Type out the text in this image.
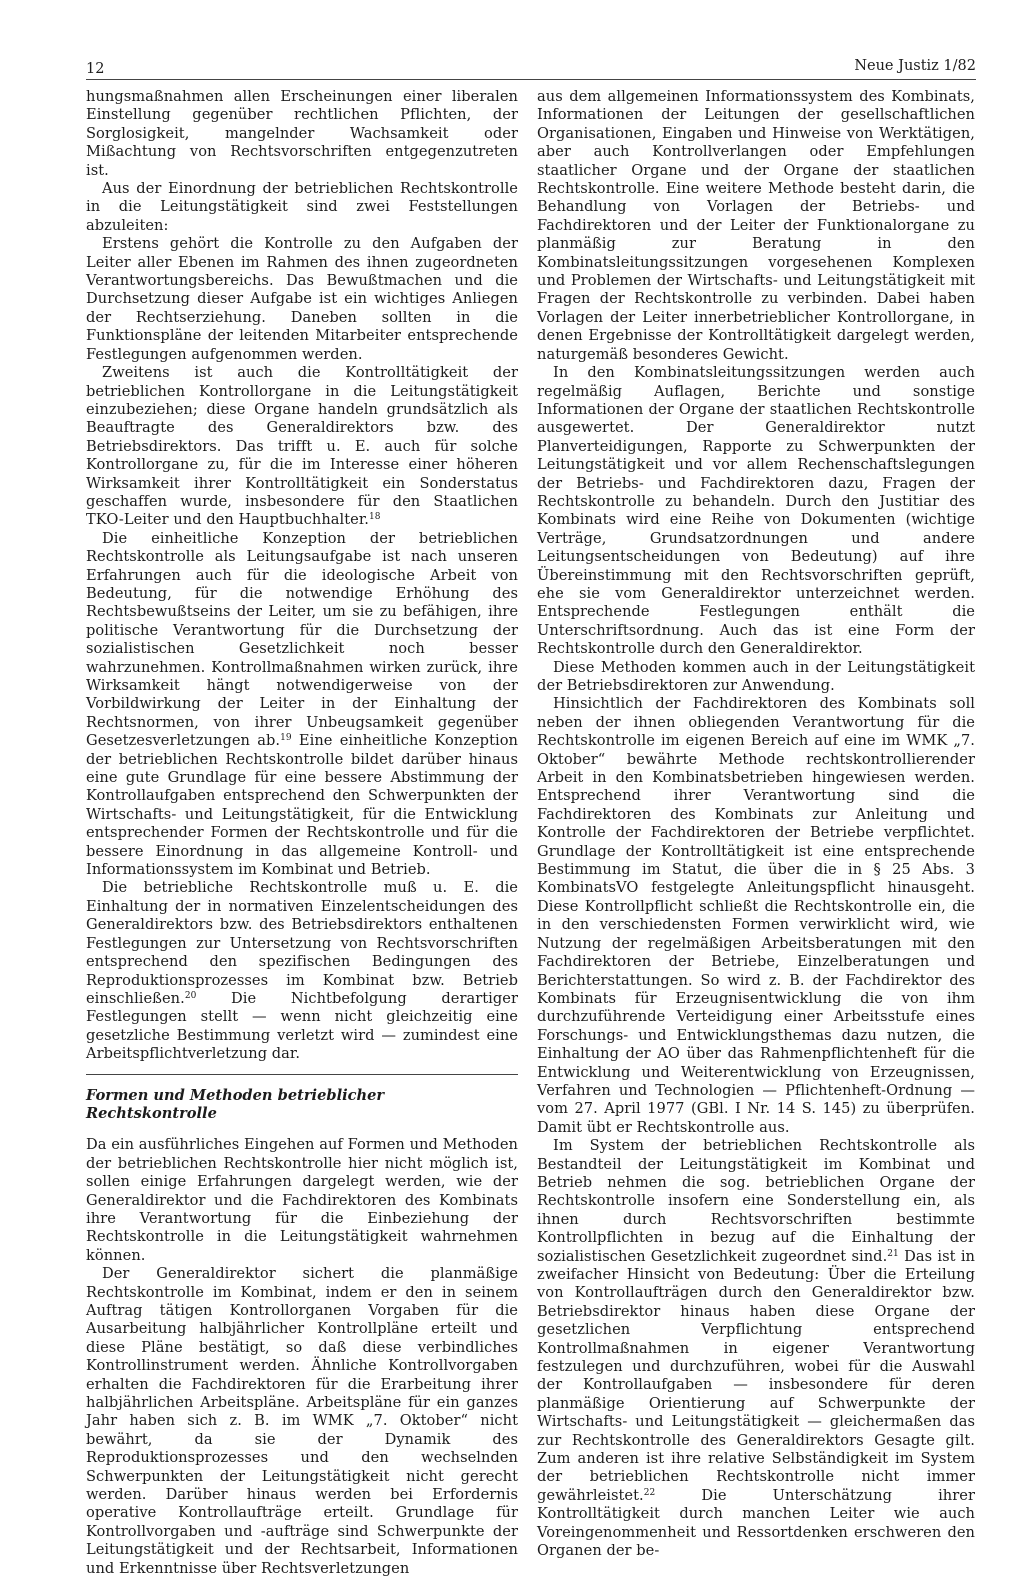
12	Neue Justiz 1/82

hungsmaßnahmen allen Erscheinungen einer liberalen Einstellung gegenüber rechtlichen Pflichten, der Sorglosigkeit, mangelnder Wachsamkeit oder Mißachtung von Rechtsvorschriften entgegenzutreten ist.

Aus der Einordnung der betrieblichen Rechtskontrolle in die Leitungstätigkeit sind zwei Feststellungen abzuleiten:

Erstens gehört die Kontrolle zu den Aufgaben der Leiter aller Ebenen im Rahmen des ihnen zugeordneten Verantwortungsbereichs. Das Bewußtmachen und die Durchsetzung dieser Aufgabe ist ein wichtiges Anliegen der Rechtserziehung. Daneben sollten in die Funktionspläne der leitenden Mitarbeiter entsprechende Festlegungen aufgenommen werden.

Zweitens ist auch die Kontrolltätigkeit der betrieblichen Kontrollorgane in die Leitungstätigkeit einzubeziehen; diese Organe handeln grundsätzlich als Beauftragte des Generaldirektors bzw. des Betriebsdirektors. Das trifft u. E. auch für solche Kontrollorgane zu, für die im Interesse einer höheren Wirksamkeit ihrer Kontrolltätigkeit ein Sonderstatus geschaffen wurde, insbesondere für den Staatlichen TKO-Leiter und den Hauptbuchhalter.$^{18}$

Die einheitliche Konzeption der betrieblichen Rechtskontrolle als Leitungsaufgabe ist nach unseren Erfahrungen auch für die ideologische Arbeit von Bedeutung, für die notwendige Erhöhung des Rechtsbewußtseins der Leiter, um sie zu befähigen, ihre politische Verantwortung für die Durchsetzung der sozialistischen Gesetzlichkeit noch besser wahrzunehmen. Kontrollmaßnahmen wirken zurück, ihre Wirksamkeit hängt notwendigerweise von der Vorbildwirkung der Leiter in der Einhaltung der Rechtsnormen, von ihrer Unbeugsamkeit gegenüber Gesetzesverletzungen ab.$^{19}$ Eine einheitliche Konzeption der betrieblichen Rechtskontrolle bildet darüber hinaus eine gute Grundlage für eine bessere Abstimmung der Kontrollaufgaben entsprechend den Schwerpunkten der Wirtschafts- und Leitungstätigkeit, für die Entwicklung entsprechender Formen der Rechtskontrolle und für die bessere Einordnung in das allgemeine Kontroll- und Informationssystem im Kombinat und Betrieb.

Die betriebliche Rechtskontrolle muß u. E. die Einhaltung der in normativen Einzelentscheidungen des Generaldirektors bzw. des Betriebsdirektors enthaltenen Festlegungen zur Untersetzung von Rechtsvorschriften entsprechend den spezifischen Bedingungen des Reproduktionsprozesses im Kombinat bzw. Betrieb einschließen.$^{20}$ Die Nichtbefolgung derartiger Festlegungen stellt — wenn nicht gleichzeitig eine gesetzliche Bestimmung verletzt wird — zumindest eine Arbeitspflichtverletzung dar.

Formen und Methoden betrieblicher Rechtskontrolle

Da ein ausführliches Eingehen auf Formen und Methoden der betrieblichen Rechtskontrolle hier nicht möglich ist, sollen einige Erfahrungen dargelegt werden, wie der Generaldirektor und die Fachdirektoren des Kombinats ihre Verantwortung für die Einbeziehung der Rechtskontrolle in die Leitungstätigkeit wahrnehmen können.

Der Generaldirektor sichert die planmäßige Rechtskontrolle im Kombinat, indem er den in seinem Auftrag tätigen Kontrollorganen Vorgaben für die Ausarbeitung halbjährlicher Kontrollpläne erteilt und diese Pläne bestätigt, so daß diese verbindliches Kontrollinstrument werden. Ähnliche Kontrollvorgaben erhalten die Fachdirektoren für die Erarbeitung ihrer halbjährlichen Arbeitspläne. Arbeitspläne für ein ganzes Jahr haben sich z. B. im WMK „7. Oktober“ nicht bewährt, da sie der Dynamik des Reproduktionsprozesses und den wechselnden Schwerpunkten der Leitungstätigkeit nicht gerecht werden. Darüber hinaus werden bei Erfordernis operative Kontrollaufträge erteilt. Grundlage für Kontrollvorgaben und -aufträge sind Schwerpunkte der Leitungstätigkeit und der Rechtsarbeit, Informationen und Erkenntnisse über Rechtsverletzungen

aus dem allgemeinen Informationssystem des Kombinats, Informationen der Leitungen der gesellschaftlichen Organisationen, Eingaben und Hinweise von Werktätigen, aber auch Kontrollverlangen oder Empfehlungen staatlicher Organe und der Organe der staatlichen Rechtskontrolle. Eine weitere Methode besteht darin, die Behandlung von Vorlagen der Betriebs- und Fachdirektoren und der Leiter der Funktionalorgane zu planmäßig zur Beratung in den Kombinatsleitungssitzungen vorgesehenen Komplexen und Problemen der Wirtschafts- und Leitungstätigkeit mit Fragen der Rechtskontrolle zu verbinden. Dabei haben Vorlagen der Leiter innerbetrieblicher Kontrollorgane, in denen Ergebnisse der Kontrolltätigkeit dargelegt werden, naturgemäß besonderes Gewicht.

In den Kombinatsleitungssitzungen werden auch regelmäßig Auflagen, Berichte und sonstige Informationen der Organe der staatlichen Rechtskontrolle ausgewertet. Der Generaldirektor nutzt Planverteidigungen, Rapporte zu Schwerpunkten der Leitungstätigkeit und vor allem Rechenschaftslegungen der Betriebs- und Fachdirektoren dazu, Fragen der Rechtskontrolle zu behandeln. Durch den Justitiar des Kombinats wird eine Reihe von Dokumenten (wichtige Verträge, Grundsatzordnungen und andere Leitungsentscheidungen von Bedeutung) auf ihre Übereinstimmung mit den Rechtsvorschriften geprüft, ehe sie vom Generaldirektor unterzeichnet werden. Entsprechende Festlegungen enthält die Unterschriftsordnung. Auch das ist eine Form der Rechtskontrolle durch den Generaldirektor.

Diese Methoden kommen auch in der Leitungstätigkeit der Betriebsdirektoren zur Anwendung.

Hinsichtlich der Fachdirektoren des Kombinats soll neben der ihnen obliegenden Verantwortung für die Rechtskontrolle im eigenen Bereich auf eine im WMK „7. Oktober“ bewährte Methode rechtskontrollierender Arbeit in den Kombinatsbetrieben hingewiesen werden. Entsprechend ihrer Verantwortung sind die Fachdirektoren des Kombinats zur Anleitung und Kontrolle der Fachdirektoren der Betriebe verpflichtet. Grundlage der Kontrolltätigkeit ist eine entsprechende Bestimmung im Statut, die über die in § 25 Abs. 3 KombinatsVO festgelegte Anleitungspflicht hinausgeht. Diese Kontrollpflicht schließt die Rechtskontrolle ein, die in den verschiedensten Formen verwirklicht wird, wie Nutzung der regelmäßigen Arbeitsberatungen mit den Fachdirektoren der Betriebe, Einzelberatungen und Berichterstattungen. So wird z. B. der Fachdirektor des Kombinats für Erzeugnisentwicklung die von ihm durchzuführende Verteidigung einer Arbeitsstufe eines Forschungs- und Entwicklungsthemas dazu nutzen, die Einhaltung der AO über das Rahmenpflichtenheft für die Entwicklung und Weiterentwicklung von Erzeugnissen, Verfahren und Technologien — Pflichtenheft-Ordnung — vom 27. April 1977 (GBl. I Nr. 14 S. 145) zu überprüfen. Damit übt er Rechtskontrolle aus.

Im System der betrieblichen Rechtskontrolle als Bestandteil der Leitungstätigkeit im Kombinat und Betrieb nehmen die sog. betrieblichen Organe der Rechtskontrolle insofern eine Sonderstellung ein, als ihnen durch Rechtsvorschriften bestimmte Kontrollpflichten in bezug auf die Einhaltung der sozialistischen Gesetzlichkeit zugeordnet sind.$^{21}$ Das ist in zweifacher Hinsicht von Bedeutung: Über die Erteilung von Kontrollaufträgen durch den Generaldirektor bzw. Betriebsdirektor hinaus haben diese Organe der gesetzlichen Verpflichtung entsprechend Kontrollmaßnahmen in eigener Verantwortung festzulegen und durchzuführen, wobei für die Auswahl der Kontrollaufgaben — insbesondere für deren planmäßige Orientierung auf Schwerpunkte der Wirtschafts- und Leitungstätigkeit — gleichermaßen das zur Rechtskontrolle des Generaldirektors Gesagte gilt. Zum anderen ist ihre relative Selbständigkeit im System der betrieblichen Rechtskontrolle nicht immer gewährleistet.$^{22}$	Die Unterschätzung ihrer Kontrolltätigkeit durch manchen Leiter wie auch Voreingenommenheit und Ressortdenken erschweren den Organen der be-
